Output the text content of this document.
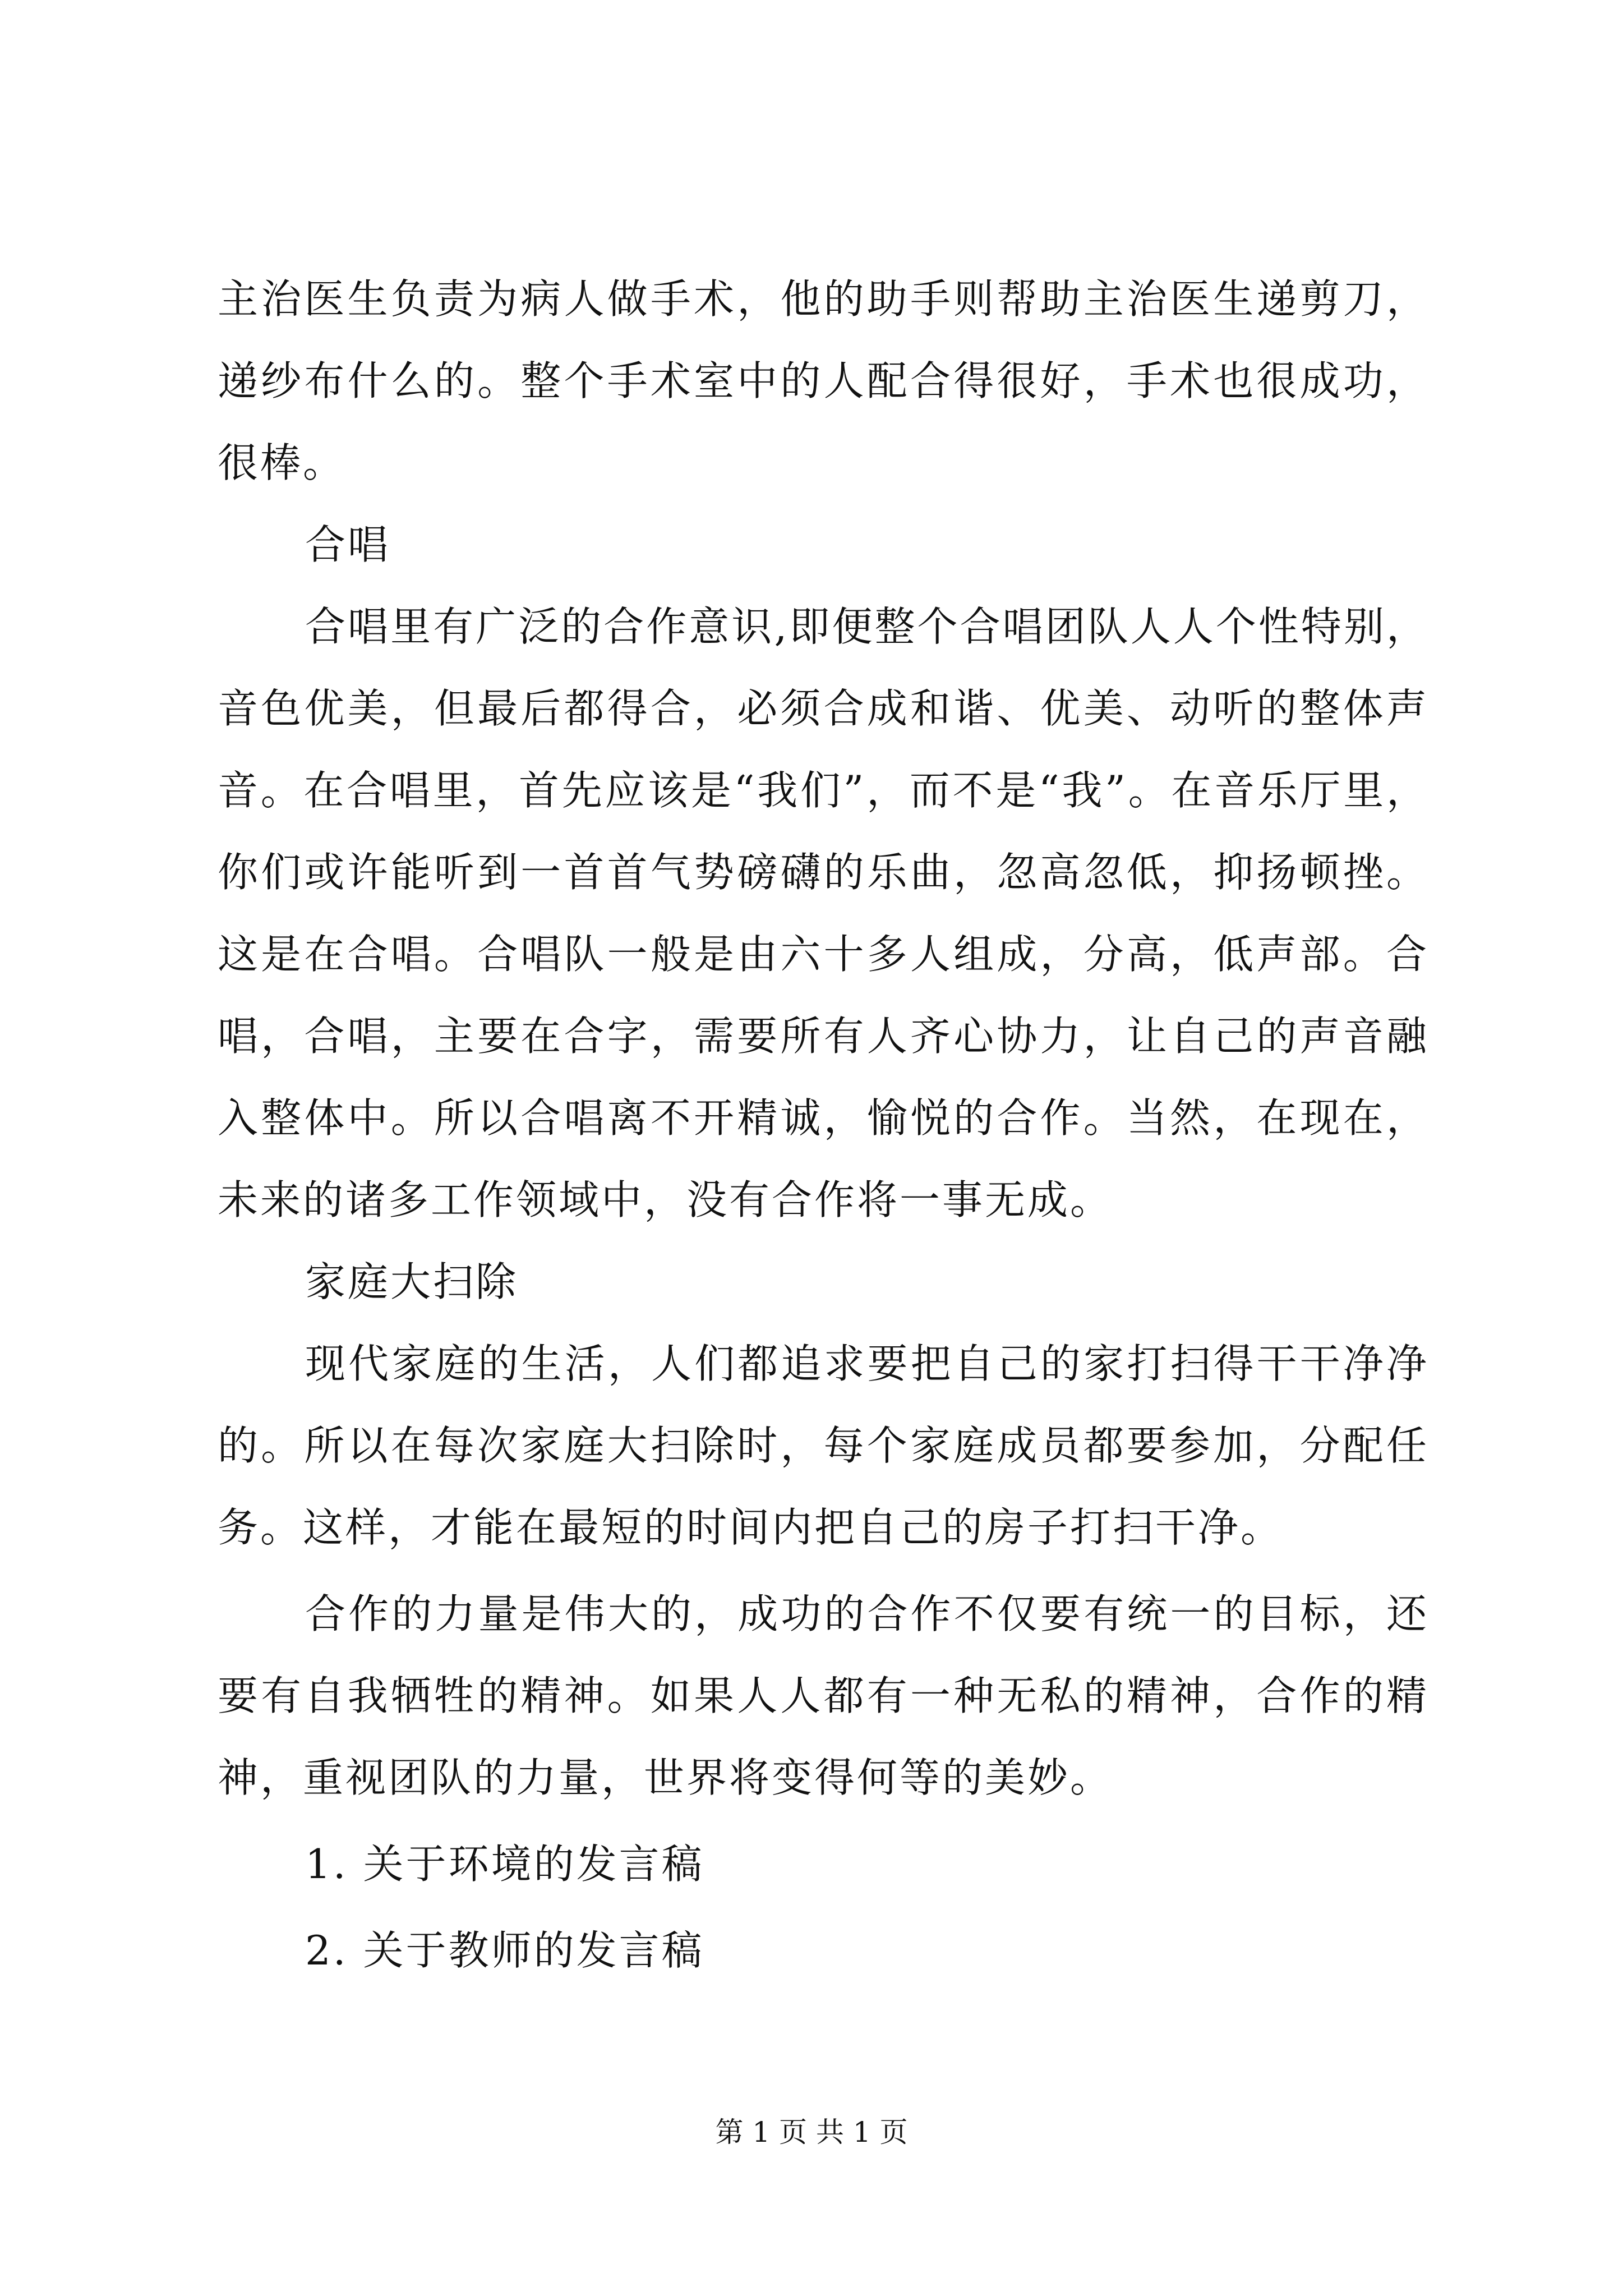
主治医生负责为病人做手术，他的助手则帮助主治医生递剪刀，递纱布什么的。整个手术室中的人配合得很好，手术也很成功，很棒。

合唱

合唱里有广泛的合作意识,即便整个合唱团队人人个性特别，音色优美，但最后都得合，必须合成和谐、优美、动听的整体声音。在合唱里，首先应该是“我们”，而不是“我”。在音乐厅里，你们或许能听到一首首气势磅礴的乐曲，忽高忽低，抑扬顿挫。这是在合唱。合唱队一般是由六十多人组成，分高，低声部。合唱，合唱，主要在合字，需要所有人齐心协力，让自己的声音融入整体中。所以合唱离不开精诚，愉悦的合作。当然，在现在，未来的诸多工作领域中，没有合作将一事无成。

家庭大扫除

现代家庭的生活，人们都追求要把自己的家打扫得干干净净的。所以在每次家庭大扫除时，每个家庭成员都要参加，分配任务。这样，才能在最短的时间内把自己的房子打扫干净。

合作的力量是伟大的，成功的合作不仅要有统一的目标，还要有自我牺牲的精神。如果人人都有一种无私的精神，合作的精神，重视团队的力量，世界将变得何等的美妙。

1. 关于环境的发言稿

2. 关于教师的发言稿

第 1 页 共 1 页
